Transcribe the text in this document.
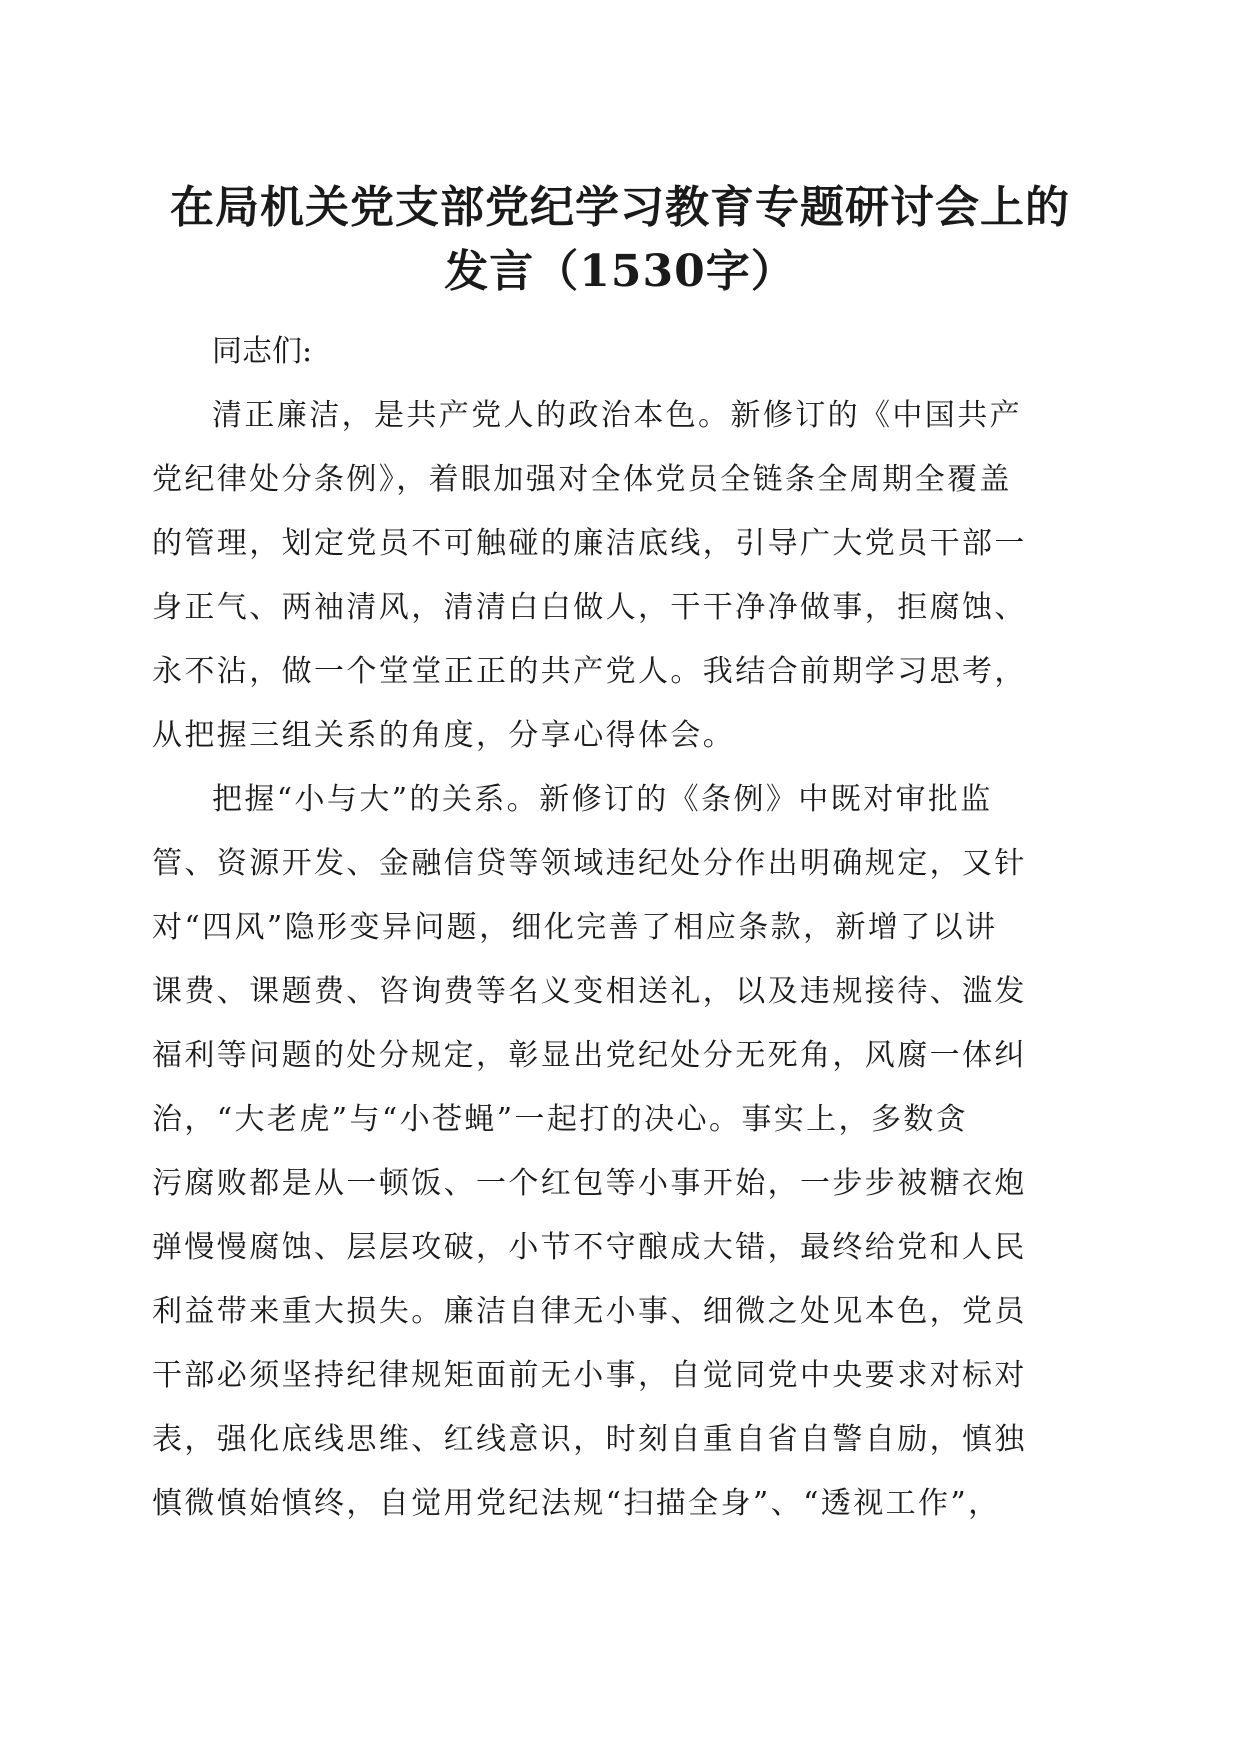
在局机关党支部党纪学习教育专题研讨会上的
发言（1530字）

同志们:

清正廉洁，是共产党人的政治本色。新修订的《中国共产
党纪律处分条例》，着眼加强对全体党员全链条全周期全覆盖
的管理，划定党员不可触碰的廉洁底线，引导广大党员干部一
身正气、两袖清风，清清白白做人，干干净净做事，拒腐蚀、
永不沾，做一个堂堂正正的共产党人。我结合前期学习思考，
从把握三组关系的角度，分享心得体会。

把握“小与大”的关系。新修订的《条例》中既对审批监
管、资源开发、金融信贷等领域违纪处分作出明确规定，又针
对“四风”隐形变异问题，细化完善了相应条款，新增了以讲
课费、课题费、咨询费等名义变相送礼，以及违规接待、滥发
福利等问题的处分规定，彰显出党纪处分无死角，风腐一体纠
治，“大老虎”与“小苍蝇”一起打的决心。事实上，多数贪
污腐败都是从一顿饭、一个红包等小事开始，一步步被糖衣炮
弹慢慢腐蚀、层层攻破，小节不守酿成大错，最终给党和人民
利益带来重大损失。廉洁自律无小事、细微之处见本色，党员
干部必须坚持纪律规矩面前无小事，自觉同党中央要求对标对
表，强化底线思维、红线意识，时刻自重自省自警自励，慎独
慎微慎始慎终，自觉用党纪法规“扫描全身”、“透视工作”，
